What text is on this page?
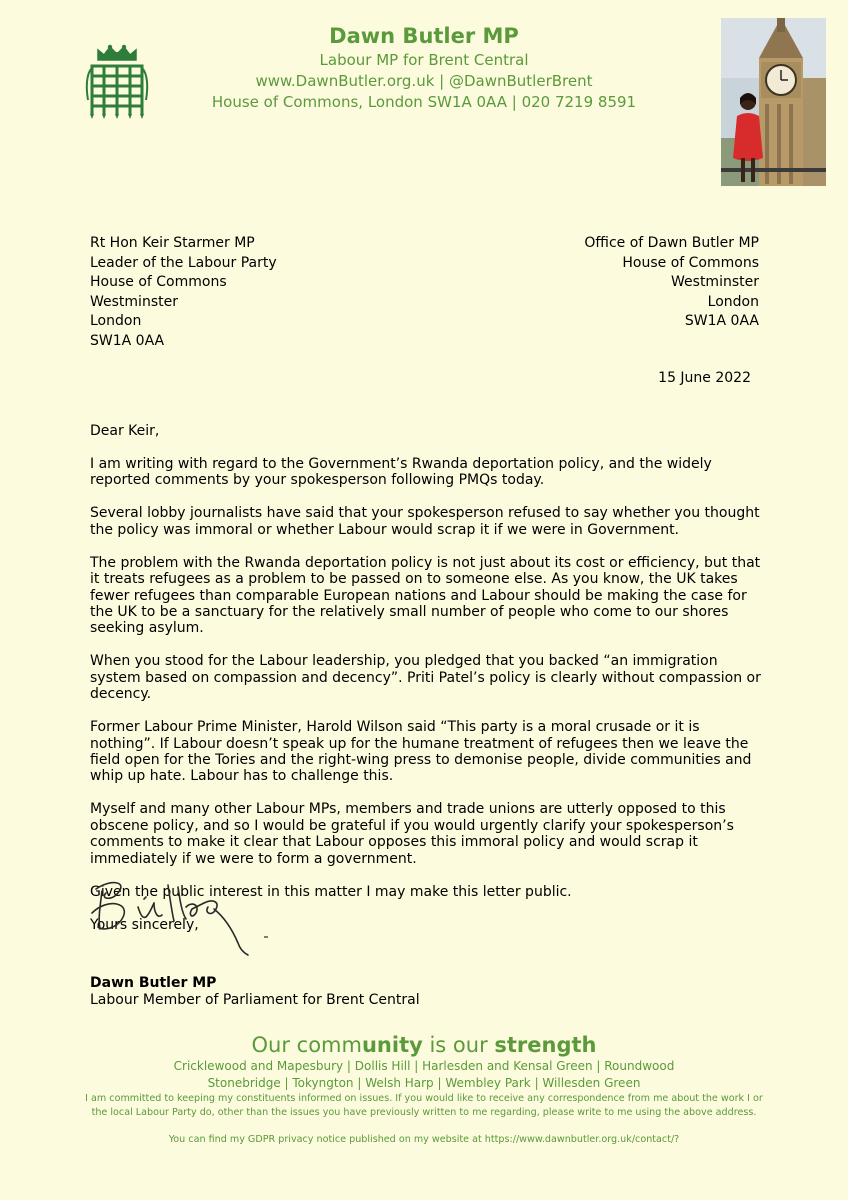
Dawn Butler MP
Labour MP for Brent Central
www.DawnButler.org.uk | @DawnButlerBrent
House of Commons, London SW1A 0AA | 020 7219 8591
Rt Hon Keir Starmer MP
Leader of the Labour Party
House of Commons
Westminster
London
SW1A 0AA
Office of Dawn Butler MP
House of Commons
Westminster
London
SW1A 0AA
15 June 2022

Dear Keir,

I am writing with regard to the Government’s Rwanda deportation policy, and the widely reported comments by your spokesperson following PMQs today.

Several lobby journalists have said that your spokesperson refused to say whether you thought the policy was immoral or whether Labour would scrap it if we were in Government.

The problem with the Rwanda deportation policy is not just about its cost or efficiency, but that it treats refugees as a problem to be passed on to someone else. As you know, the UK takes fewer refugees than comparable European nations and Labour should be making the case for the UK to be a sanctuary for the relatively small number of people who come to our shores seeking asylum.

When you stood for the Labour leadership, you pledged that you backed “an immigration system based on compassion and decency”. Priti Patel’s policy is clearly without compassion or decency.

Former Labour Prime Minister, Harold Wilson said “This party is a moral crusade or it is nothing”. If Labour doesn’t speak up for the humane treatment of refugees then we leave the field open for the Tories and the right-wing press to demonise people, divide communities and whip up hate. Labour has to challenge this.

Myself and many other Labour MPs, members and trade unions are utterly opposed to this obscene policy, and so I would be grateful if you would urgently clarify your spokesperson’s comments to make it clear that Labour opposes this immoral policy and would scrap it immediately if we were to form a government.

Given the public interest in this matter I may make this letter public.

Yours sincerely,

Dawn Butler MP
Labour Member of Parliament for Brent Central
Our community is our strength
Cricklewood and Mapesbury | Dollis Hill | Harlesden and Kensal Green | Roundwood
Stonebridge | Tokyngton | Welsh Harp | Wembley Park | Willesden Green
I am committed to keeping my constituents informed on issues. If you would like to receive any correspondence from me about the work I or
the local Labour Party do, other than the issues you have previously written to me regarding, please write to me using the above address.
You can find my GDPR privacy notice published on my website at https://www.dawnbutler.org.uk/contact/?
